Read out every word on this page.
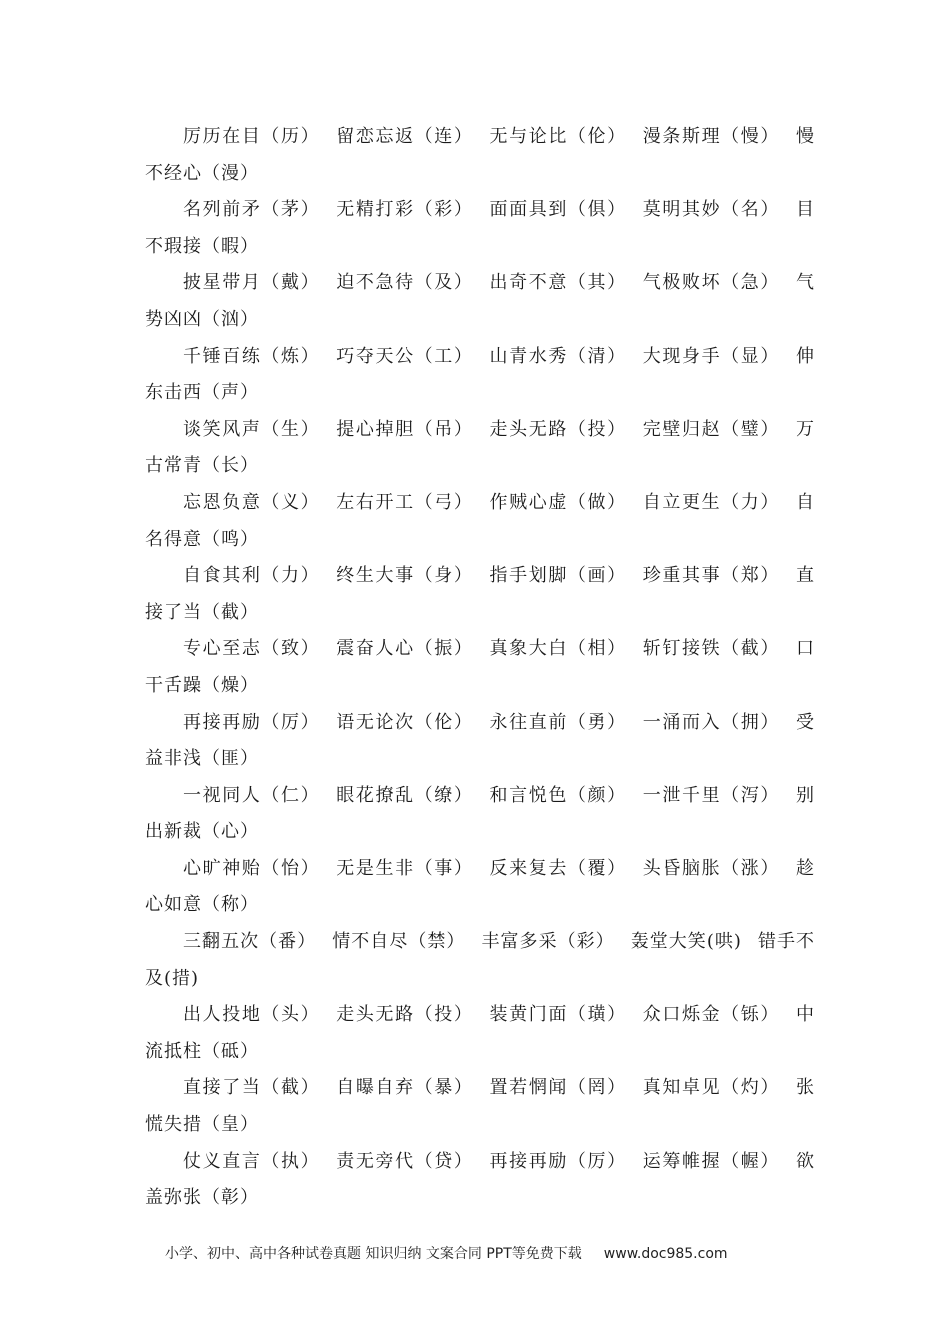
厉历在目（历） 留恋忘返（连） 无与论比（伦） 漫条斯理（慢） 慢不经心（漫）

名列前矛（茅） 无精打彩（彩） 面面具到（俱） 莫明其妙（名） 目不瑕接（暇）

披星带月（戴） 迫不急待（及） 出奇不意（其） 气极败坏（急） 气势凶凶（汹）

千锤百练（炼） 巧夺天公（工） 山青水秀（清） 大现身手（显） 伸东击西（声）

谈笑风声（生） 提心掉胆（吊） 走头无路（投） 完壁归赵（璧） 万古常青（长）

忘恩负意（义） 左右开工（弓） 作贼心虚（做） 自立更生（力） 自名得意（鸣）

自食其利（力） 终生大事（身） 指手划脚（画） 珍重其事（郑） 直接了当（截）

专心至志（致） 震奋人心（振） 真象大白（相） 斩钉接铁（截） 口干舌躁（燥）

再接再励（厉） 语无论次（伦） 永往直前（勇） 一涌而入（拥） 受益非浅（匪）

一视同人（仁） 眼花撩乱（缭） 和言悦色（颜） 一泄千里（泻） 别出新裁（心）

心旷神贻（怡） 无是生非（事） 反来复去（覆） 头昏脑胀（涨） 趁心如意（称）

三翻五次（番） 情不自尽（禁） 丰富多采（彩） 轰堂大笑(哄) 错手不及(措)

出人投地（头） 走头无路（投） 装黄门面（璜） 众口烁金（铄） 中流抵柱（砥）

直接了当（截） 自曝自弃（暴） 置若惘闻（罔） 真知卓见（灼） 张慌失措（皇）

仗义直言（执） 责无旁代（贷） 再接再励（厉） 运筹帷握（幄） 欲盖弥张（彰）

小学、初中、高中各种试卷真题 知识归纳 文案合同 PPT等免费下载 www.doc985.com
